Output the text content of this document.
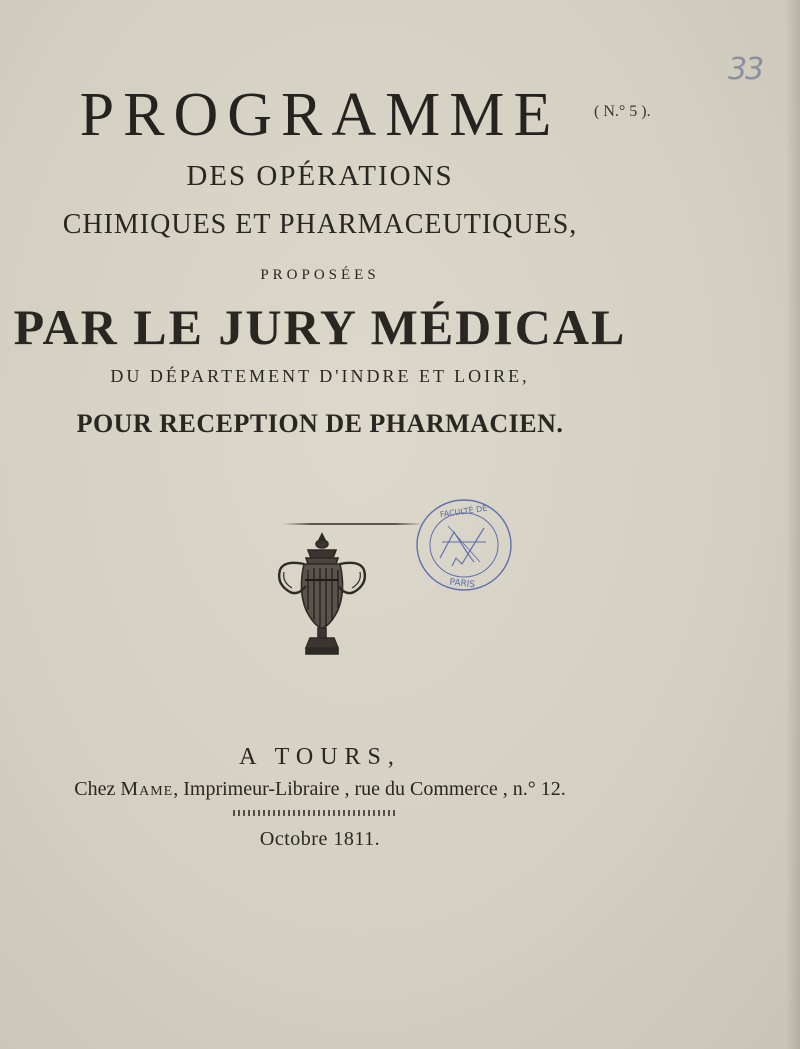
33
( N.° 5 ).
PROGRAMME
DES OPÉRATIONS
CHIMIQUES ET PHARMACEUTIQUES,
PROPOSÉES
PAR LE JURY MÉDICAL
DU DÉPARTEMENT D'INDRE ET LOIRE,
POUR RECEPTION DE PHARMACIEN.
FACULTÉ DE
PARIS
A TOURS,
Chez Mame, Imprimeur-Libraire , rue du Commerce , n.° 12.
Octobre 1811.
